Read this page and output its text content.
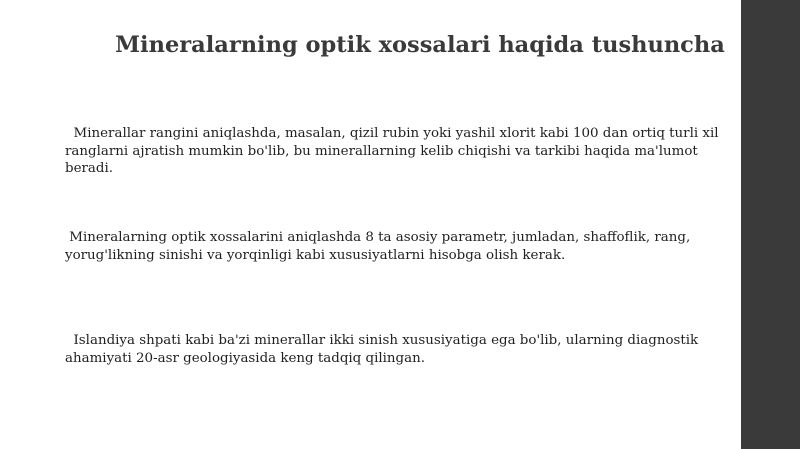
Mineralarning optik xossalari haqida tushuncha

Minerallar rangini aniqlashda, masalan, qizil rubin yoki yashil xlorit kabi 100 dan ortiq turli xil ranglarni ajratish mumkin bo'lib, bu minerallarning kelib chiqishi va tarkibi haqida ma'lumot beradi.

Mineralarning optik xossalarini aniqlashda 8 ta asosiy parametr, jumladan, shaffoflik, rang, yorug'likning sinishi va yorqinligi kabi xususiyatlarni hisobga olish kerak.

Islandiya shpati kabi ba'zi minerallar ikki sinish xususiyatiga ega bo'lib, ularning diagnostik ahamiyati 20-asr geologiyasida keng tadqiq qilingan.
